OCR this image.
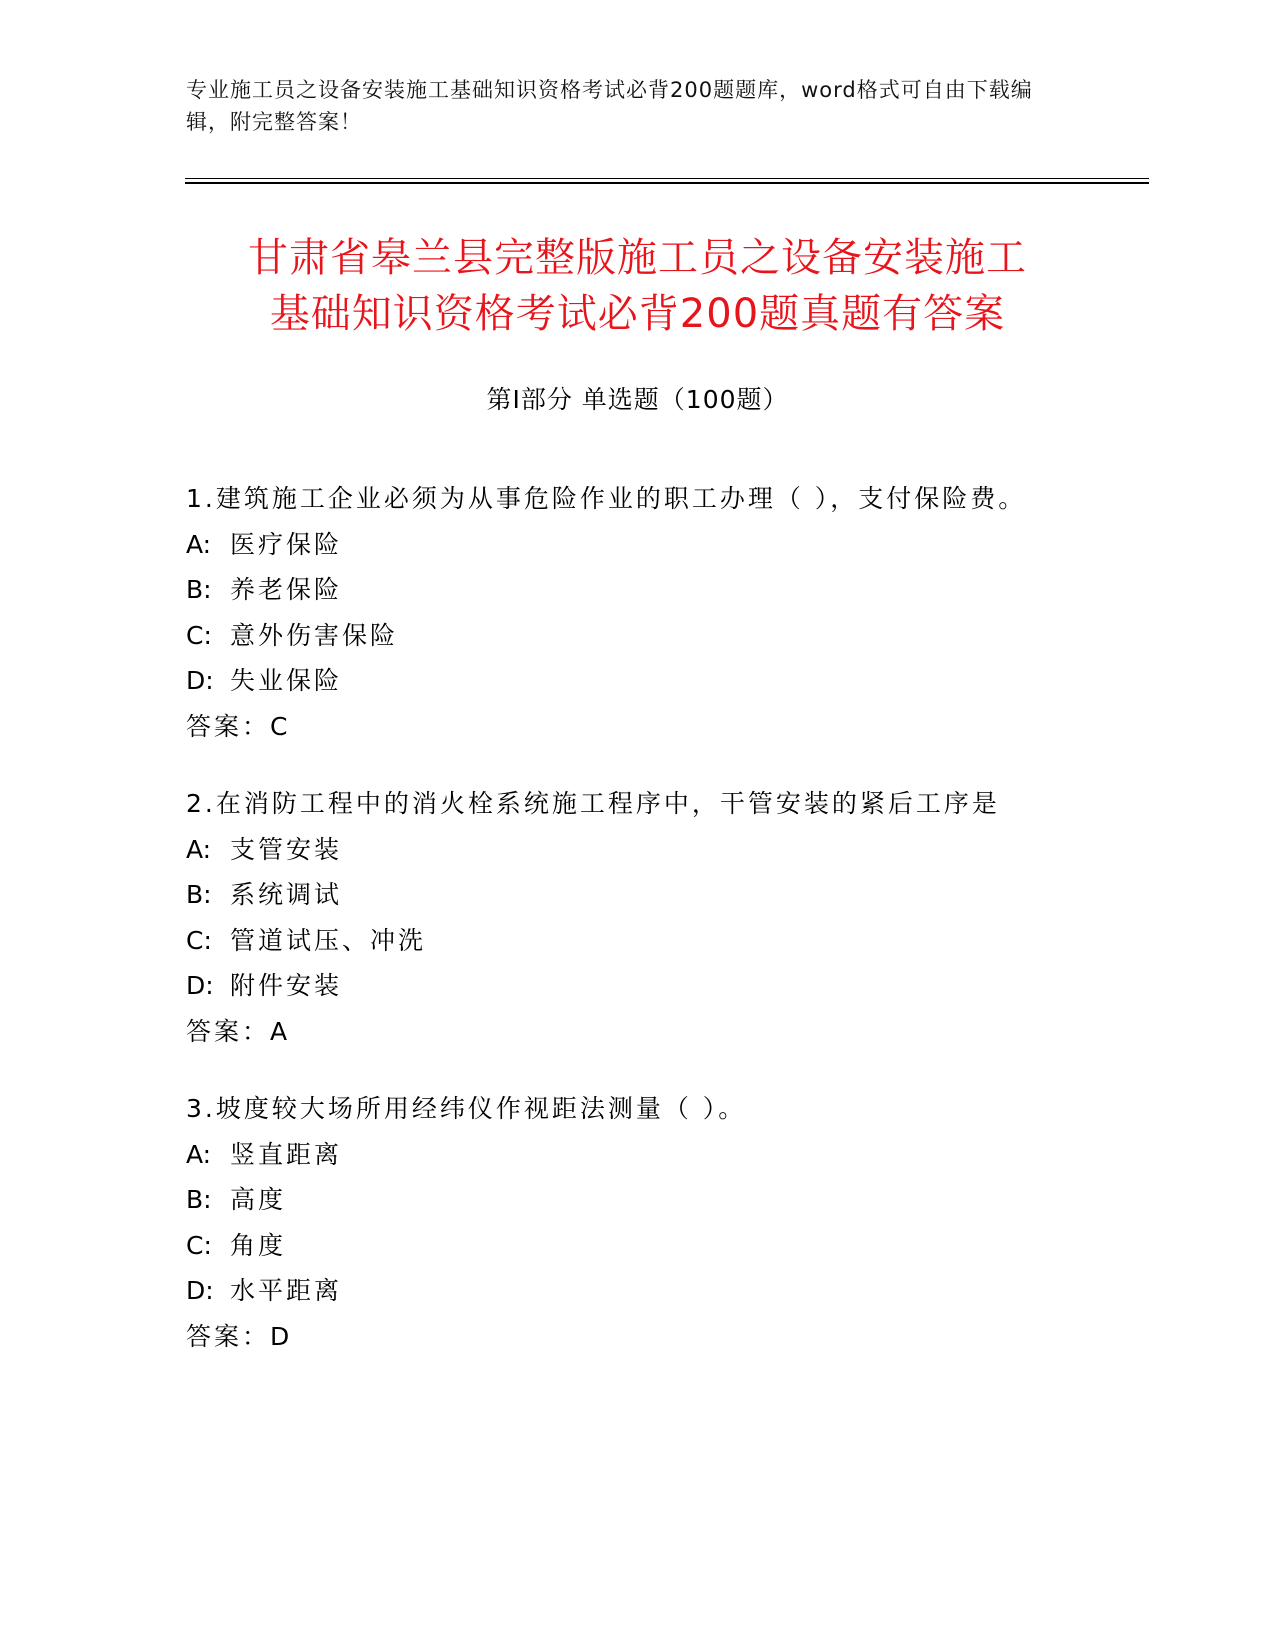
专业施工员之设备安装施工基础知识资格考试必背200题题库，word格式可自由下载编辑，附完整答案！
甘肃省皋兰县完整版施工员之设备安装施工
基础知识资格考试必背200题真题有答案
第Ⅰ部分 单选题（100题）
1.建筑施工企业必须为从事危险作业的职工办理（ ），支付保险费。
A: 医疗保险
B: 养老保险
C: 意外伤害保险
D: 失业保险
答案：C
2.在消防工程中的消火栓系统施工程序中，干管安装的紧后工序是
A: 支管安装
B: 系统调试
C: 管道试压、冲洗
D: 附件安装
答案：A
3.坡度较大场所用经纬仪作视距法测量（ ）。
A: 竖直距离
B: 高度
C: 角度
D: 水平距离
答案：D
